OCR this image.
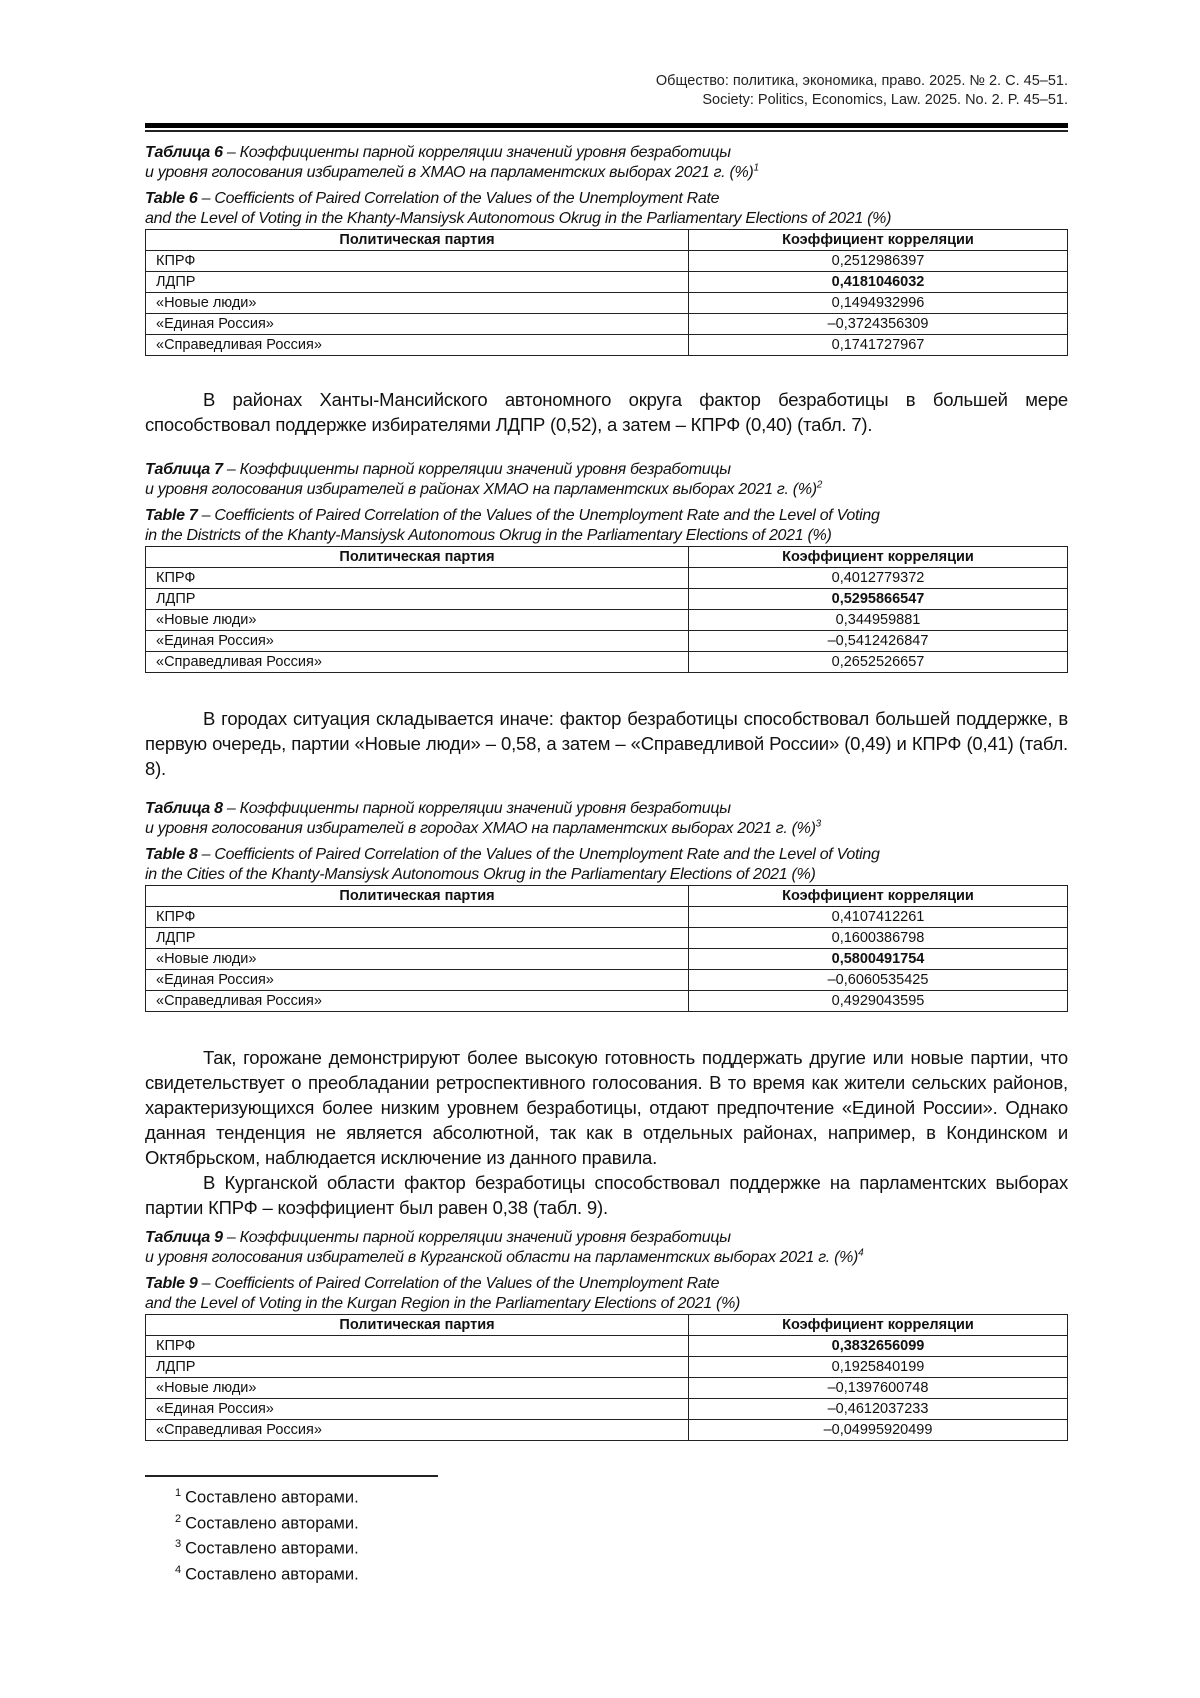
Общество: политика, экономика, право. 2025. № 2. С. 45–51.
Society: Politics, Economics, Law. 2025. No. 2. P. 45–51.
Таблица 6 – Коэффициенты парной корреляции значений уровня безработицы
и уровня голосования избирателей в ХМАО на парламентских выборах 2021 г. (%)$^1$
Table 6 – Coefficients of Paired Correlation of the Values of the Unemployment Rate
and the Level of Voting in the Khanty-Mansiysk Autonomous Okrug in the Parliamentary Elections of 2021 (%)
Политическая партия	Коэффициент корреляции
КПРФ	0,2512986397
ЛДПР	0,4181046032
«Новые люди»	0,1494932996
«Единая Россия»	–0,3724356309
«Справедливая Россия»	0,1741727967
В районах Ханты-Мансийского автономного округа фактор безработицы в большей мере способствовал поддержке избирателями ЛДПР (0,52), а затем – КПРФ (0,40) (табл. 7).
Таблица 7 – Коэффициенты парной корреляции значений уровня безработицы
и уровня голосования избирателей в районах ХМАО на парламентских выборах 2021 г. (%)$^2$
Table 7 – Coefficients of Paired Correlation of the Values of the Unemployment Rate and the Level of Voting
in the Districts of the Khanty-Mansiysk Autonomous Okrug in the Parliamentary Elections of 2021 (%)
Политическая партия	Коэффициент корреляции
КПРФ	0,4012779372
ЛДПР	0,5295866547
«Новые люди»	0,344959881
«Единая Россия»	–0,5412426847
«Справедливая Россия»	0,2652526657
В городах ситуация складывается иначе: фактор безработицы способствовал большей поддержке, в первую очередь, партии «Новые люди» – 0,58, а затем – «Справедливой России» (0,49) и КПРФ (0,41) (табл. 8).
Таблица 8 – Коэффициенты парной корреляции значений уровня безработицы
и уровня голосования избирателей в городах ХМАО на парламентских выборах 2021 г. (%)$^3$
Table 8 – Coefficients of Paired Correlation of the Values of the Unemployment Rate and the Level of Voting
in the Cities of the Khanty-Mansiysk Autonomous Okrug in the Parliamentary Elections of 2021 (%)
Политическая партия	Коэффициент корреляции
КПРФ	0,4107412261
ЛДПР	0,1600386798
«Новые люди»	0,5800491754
«Единая Россия»	–0,6060535425
«Справедливая Россия»	0,4929043595
Так, горожане демонстрируют более высокую готовность поддержать другие или новые партии, что свидетельствует о преобладании ретроспективного голосования. В то время как жители сельских районов, характеризующихся более низким уровнем безработицы, отдают предпочтение «Единой России». Однако данная тенденция не является абсолютной, так как в отдельных районах, например, в Кондинском и Октябрьском, наблюдается исключение из данного правила.
В Курганской области фактор безработицы способствовал поддержке на парламентских выборах партии КПРФ – коэффициент был равен 0,38 (табл. 9).
Таблица 9 – Коэффициенты парной корреляции значений уровня безработицы
и уровня голосования избирателей в Курганской области на парламентских выборах 2021 г. (%)$^4$
Table 9 – Coefficients of Paired Correlation of the Values of the Unemployment Rate
and the Level of Voting in the Kurgan Region in the Parliamentary Elections of 2021 (%)
Политическая партия	Коэффициент корреляции
КПРФ	0,3832656099
ЛДПР	0,1925840199
«Новые люди»	–0,1397600748
«Единая Россия»	–0,4612037233
«Справедливая Россия»	–0,04995920499
$^1$ Составлено авторами.
$^2$ Составлено авторами.
$^3$ Составлено авторами.
$^4$ Составлено авторами.
